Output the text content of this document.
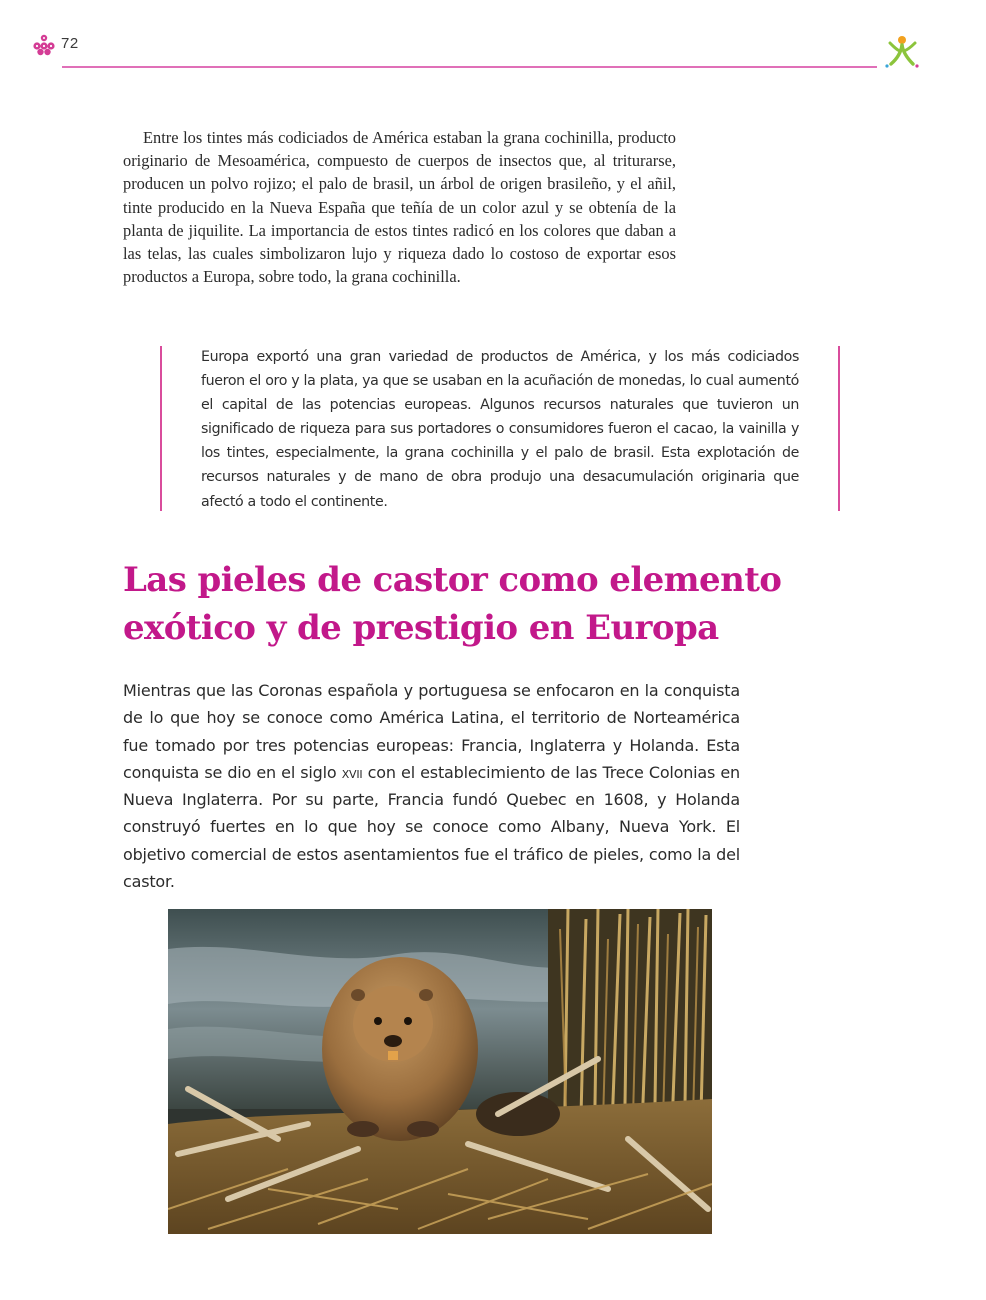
72

Entre los tintes más codiciados de América estaban la grana cochinilla, producto originario de Mesoamérica, compuesto de cuerpos de insectos que, al triturarse, producen un polvo rojizo; el palo de brasil, un árbol de origen brasileño, y el añil, tinte producido en la Nueva España que teñía de un color azul y se obtenía de la planta de jiquilite. La importancia de estos tintes radicó en los colores que daban a las telas, las cuales simbolizaron lujo y riqueza dado lo costoso de exportar esos productos a Europa, sobre todo, la grana cochinilla.

Europa exportó una gran variedad de productos de América, y los más codiciados fueron el oro y la plata, ya que se usaban en la acuñación de monedas, lo cual aumentó el capital de las potencias europeas. Algunos recursos naturales que tuvieron un significado de riqueza para sus portadores o consumidores fueron el cacao, la vainilla y los tintes, especialmente, la grana cochinilla y el palo de brasil. Esta explotación de recursos naturales y de mano de obra produjo una desacumulación originaria que afectó a todo el continente.

Las pieles de castor como elemento exótico y de prestigio en Europa

Mientras que las Coronas española y portuguesa se enfocaron en la conquista de lo que hoy se conoce como América Latina, el territorio de Norteamérica fue tomado por tres potencias europeas: Francia, Inglaterra y Holanda. Esta conquista se dio en el siglo xvii con el establecimiento de las Trece Colonias en Nueva Inglaterra. Por su parte, Francia fundó Quebec en 1608, y Holanda construyó fuertes en lo que hoy se conoce como Albany, Nueva York. El objetivo comercial de estos asentamientos fue el tráfico de pieles, como la del castor.
